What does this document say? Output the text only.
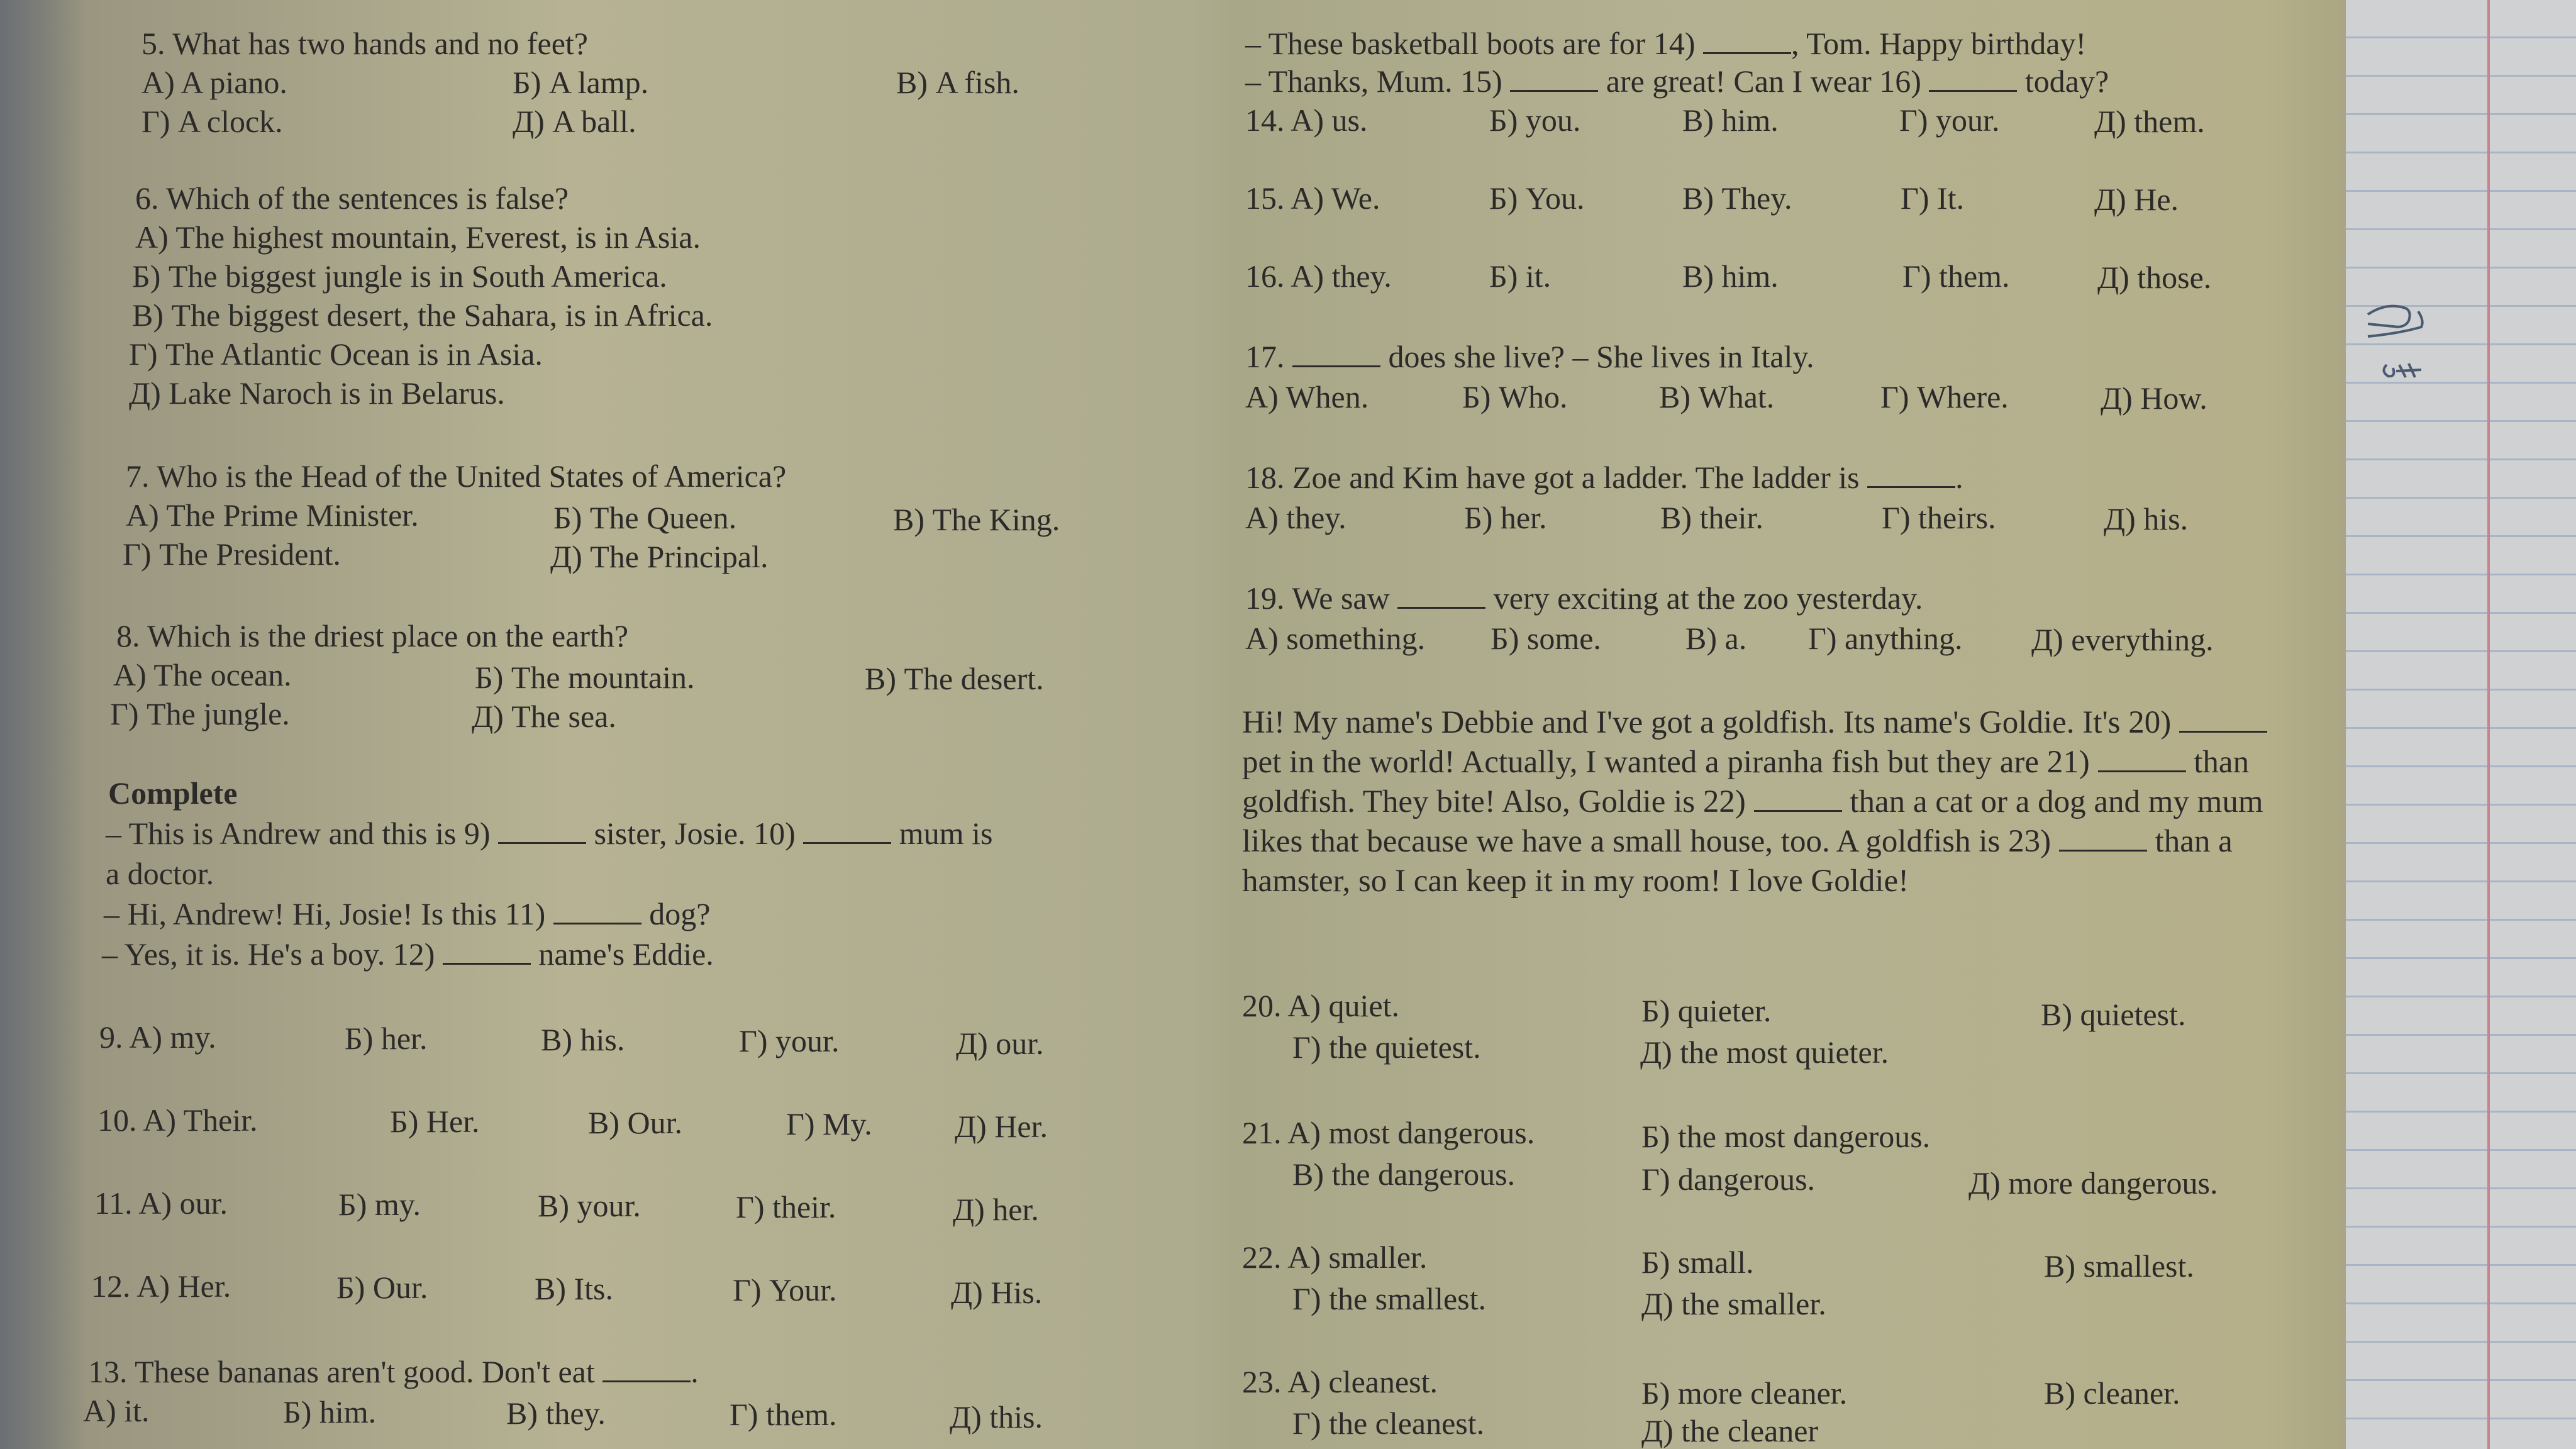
5. What has two hands and no feet?
A) A piano.	Б) A lamp.	В) A fish.
Г) A clock.	Д) A ball.
6. Which of the sentences is false?
A) The highest mountain, Everest, is in Asia.
Б) The biggest jungle is in South America.
В) The biggest desert, the Sahara, is in Africa.
Г) The Atlantic Ocean is in Asia.
Д) Lake Naroch is in Belarus.
7. Who is the Head of the United States of America?
A) The Prime Minister.	Б) The Queen.	В) The King.
Г) The President.	Д) The Principal.
8. Which is the driest place on the earth?
A) The ocean.	Б) The mountain.	В) The desert.
Г) The jungle.	Д) The sea.
Complete
– This is Andrew and this is 9)	sister, Josie. 10)	mum is
a doctor.
– Hi, Andrew! Hi, Josie! Is this 11)	dog?
– Yes, it is. He's a boy. 12)	name's Eddie.
9. A) my.	Б) her.	В) his.	Г) your.	Д) our.
10. A) Their.	Б) Her.	В) Our.	Г) My.	Д) Her.
11. A) our.	Б) my.	В) your.	Г) their.	Д) her.
12. A) Her.	Б) Our.	В) Its.	Г) Your.	Д) His.
13. These bananas aren't good. Don't eat	.
A) it.	Б) him.	В) they.	Г) them.	Д) this.
– These basketball boots are for 14)	, Tom. Happy birthday!
– Thanks, Mum. 15)	are great! Can I wear 16)	today?
14. A) us.	Б) you.	В) him.	Г) your.	Д) them.
15. A) We.	Б) You.	В) They.	Г) It.	Д) He.
16. A) they.	Б) it.	В) him.	Г) them.	Д) those.
17.	does she live? – She lives in Italy.
A) When.	Б) Who.	В) What.	Г) Where.	Д) How.
18. Zoe and Kim have got a ladder. The ladder is	.
A) they.	Б) her.	В) their.	Г) theirs.	Д) his.
19. We saw	very exciting at the zoo yesterday.
A) something. Б) some.	В) a. Г) anything. Д) everything.
Hi! My name's Debbie and I've got a goldfish. Its name's Goldie. It's 20)  pet in the world! Actually, I wanted a piranha fish but they are 21)	than goldfish. They bite! Also, Goldie is 22)	than a cat or a dog and my mum likes that because we have a small house, too. A goldfish is 23)	than a hamster, so I can keep it in my room! I love Goldie!
20. A) quiet.	Б) quieter.	В) quietest.
Г) the quietest.	Д) the most quieter.
21. A) most dangerous.	Б) the most dangerous.
В) the dangerous.	Г) dangerous.	Д) more dangerous.
22. A) smaller.	Б) small.	В) smallest.
Г) the smallest.	Д) the smaller.
23. A) cleanest.	Б) more cleaner.	В) cleaner.
Г) the cleanest.	Д) the cleaner
